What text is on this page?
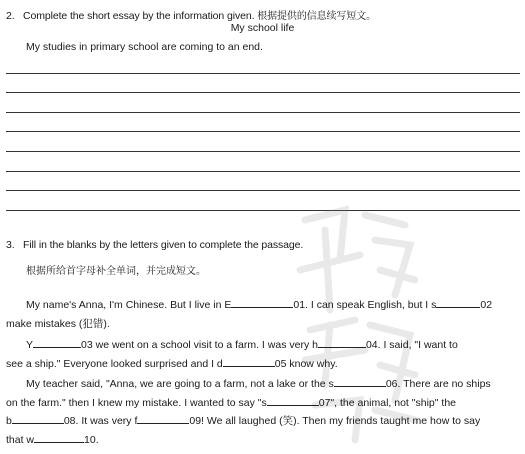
2. Complete the short essay by the information given. 根据提供的信息续写短文。
My school life
My studies in primary school are coming to an end.
3. Fill in the blanks by the letters given to complete the passage.
根据所给首字母补全单词，并完成短文。
My name's Anna, I'm Chinese. But I live in E	01. I can speak English, but I s	02
make mistakes (犯错).
Y	03 we went on a school visit to a farm. I was very h	04. I said, "I want to
see a ship." Everyone looked surprised and I d	05 know why.
My teacher said, "Anna, we are going to a farm, not a lake or the s	06. There are no ships
on the farm." then I knew my mistake. I wanted to say "s	07", the animal, not "ship" the
b	08. It was very f	09! We all laughed (笑). Then my friends taught me how to say
that w	10.
